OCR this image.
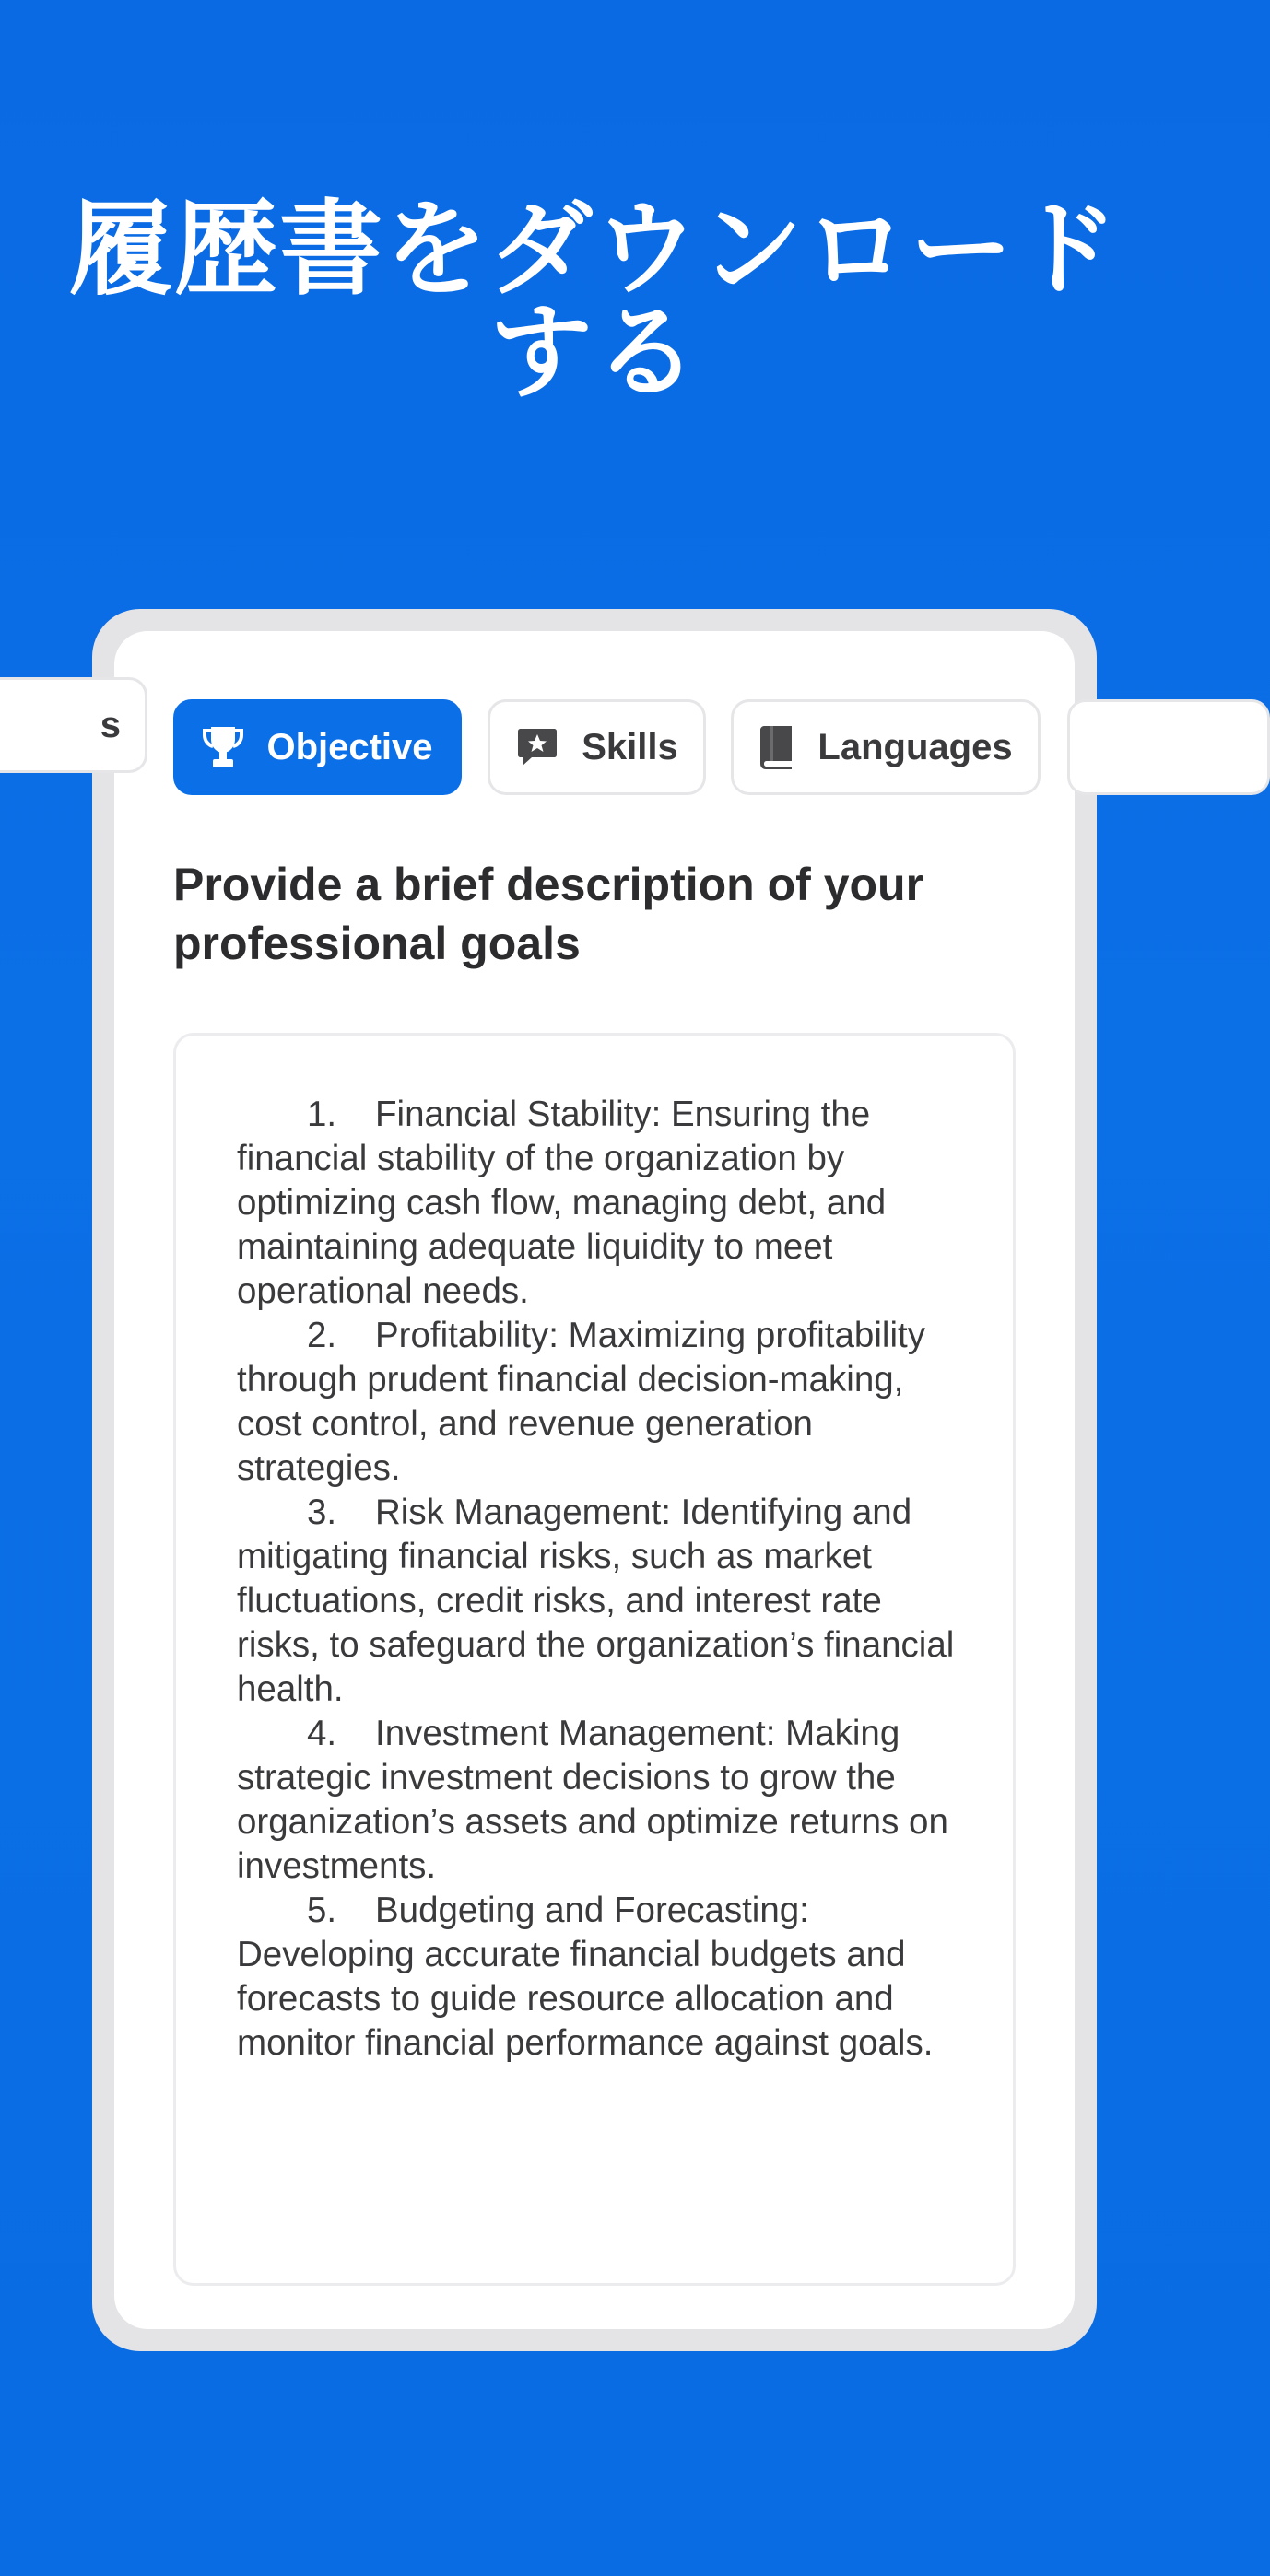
履歴書をダウンロード
する
s
Objective	Skills	Languages
Provide a brief description of your professional goals

1. Financial Stability: Ensuring the financial stability of the organization by optimizing cash flow, managing debt, and maintaining adequate liquidity to meet operational needs.

2. Profitability: Maximizing profitability through prudent financial decision-making, cost control, and revenue generation strategies.

3. Risk Management: Identifying and mitigating financial risks, such as market fluctuations, credit risks, and interest rate risks, to safeguard the organization’s financial health.

4. Investment Management: Making strategic investment decisions to grow the organization’s assets and optimize returns on investments.

5. Budgeting and Forecasting: Developing accurate financial budgets and forecasts to guide resource allocation and monitor financial performance against goals.
